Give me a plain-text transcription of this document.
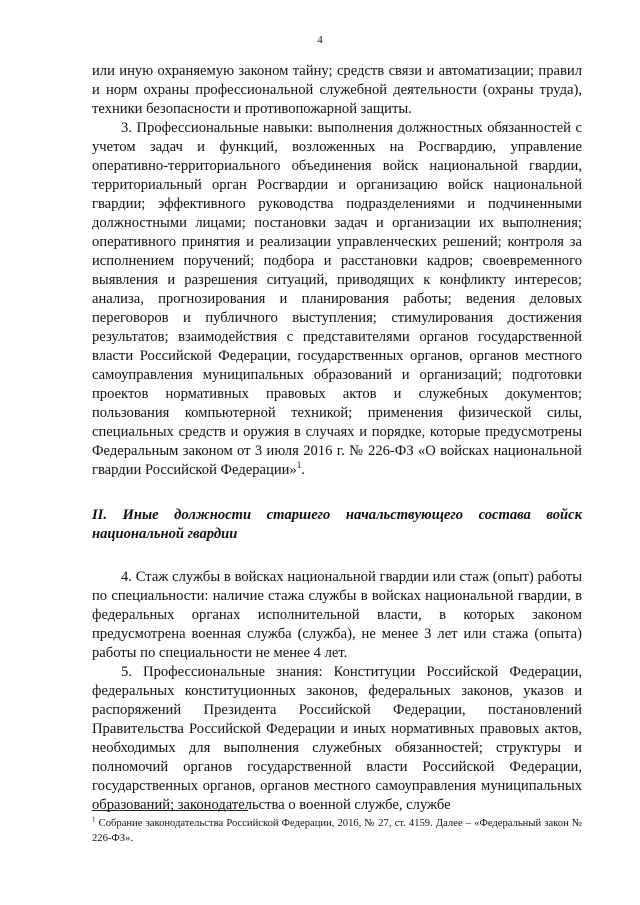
4

или иную охраняемую законом тайну; средств связи и автоматизации; правил и норм охраны профессиональной служебной деятельности (охраны труда), техники безопасности и противопожарной защиты.

3. Профессиональные навыки: выполнения должностных обязанностей с учетом задач и функций, возложенных на Росгвардию, управление оперативно-территориального объединения войск национальной гвардии, территориальный орган Росгвардии и организацию войск национальной гвардии; эффективного руководства подразделениями и подчиненными должностными лицами; постановки задач и организации их выполнения; оперативного принятия и реализации управленческих решений; контроля за исполнением поручений; подбора и расстановки кадров; своевременного выявления и разрешения ситуаций, приводящих к конфликту интересов; анализа, прогнозирования и планирования работы; ведения деловых переговоров и публичного выступления; стимулирования достижения результатов; взаимодействия с представителями органов государственной власти Российской Федерации, государственных органов, органов местного самоуправления муниципальных образований и организаций; подготовки проектов нормативных правовых актов и служебных документов; пользования компьютерной техникой; применения физической силы, специальных средств и оружия в случаях и порядке, которые предусмотрены Федеральным законом от 3 июля 2016 г. № 226-ФЗ «О войсках национальной гвардии Российской Федерации»$^1$.

II. Иные должности старшего начальствующего состава войск национальной гвардии

4. Стаж службы в войсках национальной гвардии или стаж (опыт) работы по специальности: наличие стажа службы в войсках национальной гвардии, в федеральных органах исполнительной власти, в которых законом предусмотрена военная служба (служба), не менее 3 лет или стажа (опыта) работы по специальности не менее 4 лет.

5. Профессиональные знания: Конституции Российской Федерации, федеральных конституционных законов, федеральных законов, указов и распоряжений Президента Российской Федерации, постановлений Правительства Российской Федерации и иных нормативных правовых актов, необходимых для выполнения служебных обязанностей; структуры и полномочий органов государственной власти Российской Федерации, государственных органов, органов местного самоуправления муниципальных образований; законодательства о военной службе, службе

$^1$ Собрание законодательства Российской Федерации, 2016, № 27, ст. 4159. Далее – «Федеральный закон № 226-ФЗ».
